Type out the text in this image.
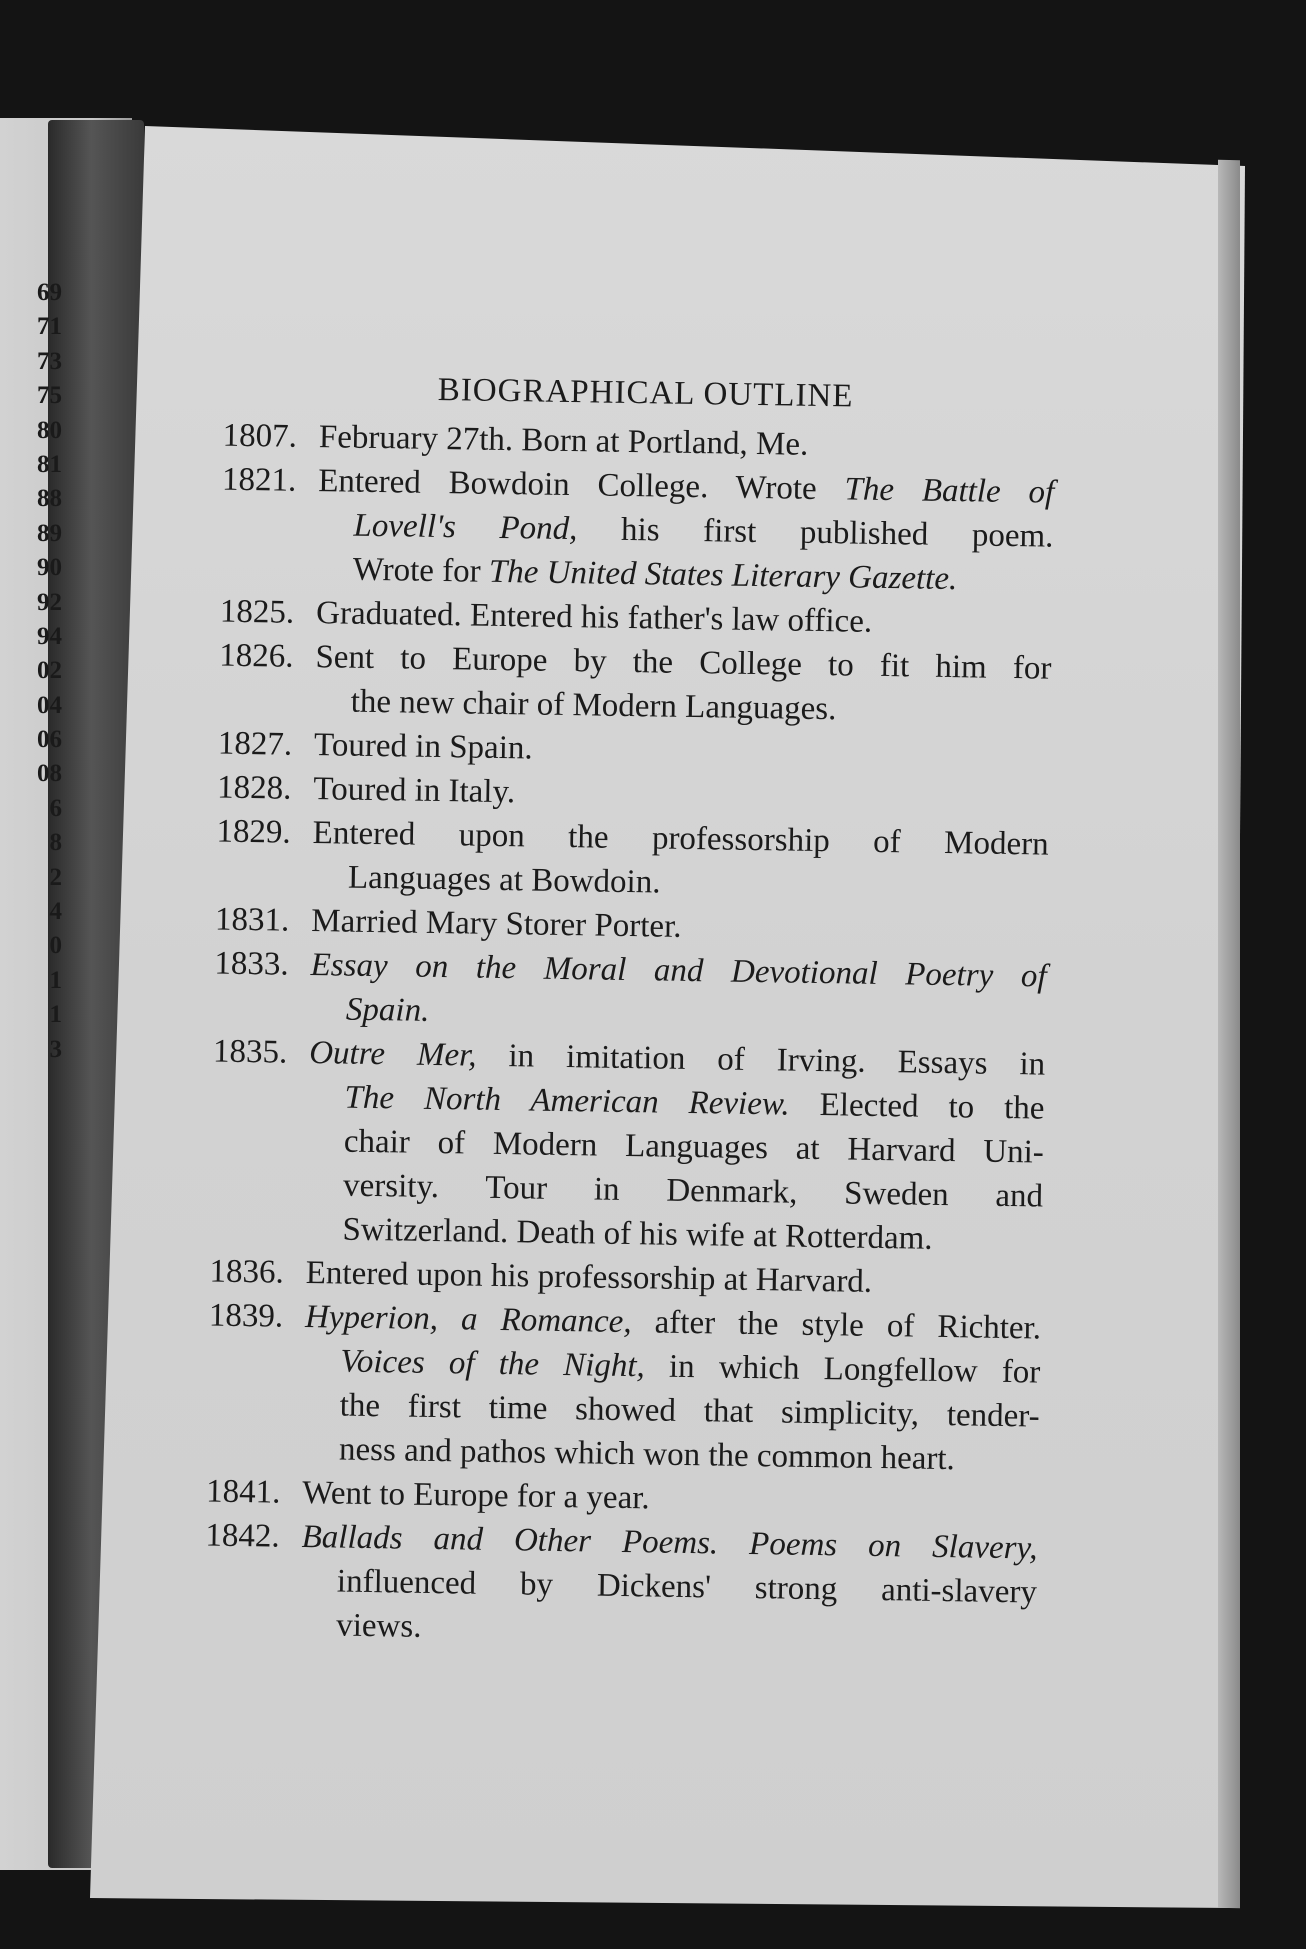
69
71
73
75
80
81
88
89
90
92
94
02
04
06
08
6
8
2
4
0
1
1
3
BIOGRAPHICAL OUTLINE
1807. February 27th. Born at Portland, Me.
1821. Entered Bowdoin College. Wrote The Battle of
Lovell's Pond, his first published poem.
Wrote for The United States Literary Gazette.
1825. Graduated. Entered his father's law office.
1826. Sent to Europe by the College to fit him for
the new chair of Modern Languages.
1827. Toured in Spain.
1828. Toured in Italy.
1829. Entered upon the professorship of Modern
Languages at Bowdoin.
1831. Married Mary Storer Porter.
1833. Essay on the Moral and Devotional Poetry of
Spain.
1835. Outre Mer, in imitation of Irving. Essays in
The North American Review. Elected to the
chair of Modern Languages at Harvard Uni-
versity. Tour in Denmark, Sweden and
Switzerland. Death of his wife at Rotterdam.
1836. Entered upon his professorship at Harvard.
1839. Hyperion, a Romance, after the style of Richter.
Voices of the Night, in which Longfellow for
the first time showed that simplicity, tender-
ness and pathos which won the common heart.
1841. Went to Europe for a year.
1842. Ballads and Other Poems. Poems on Slavery,
influenced by Dickens' strong anti-slavery
views.
